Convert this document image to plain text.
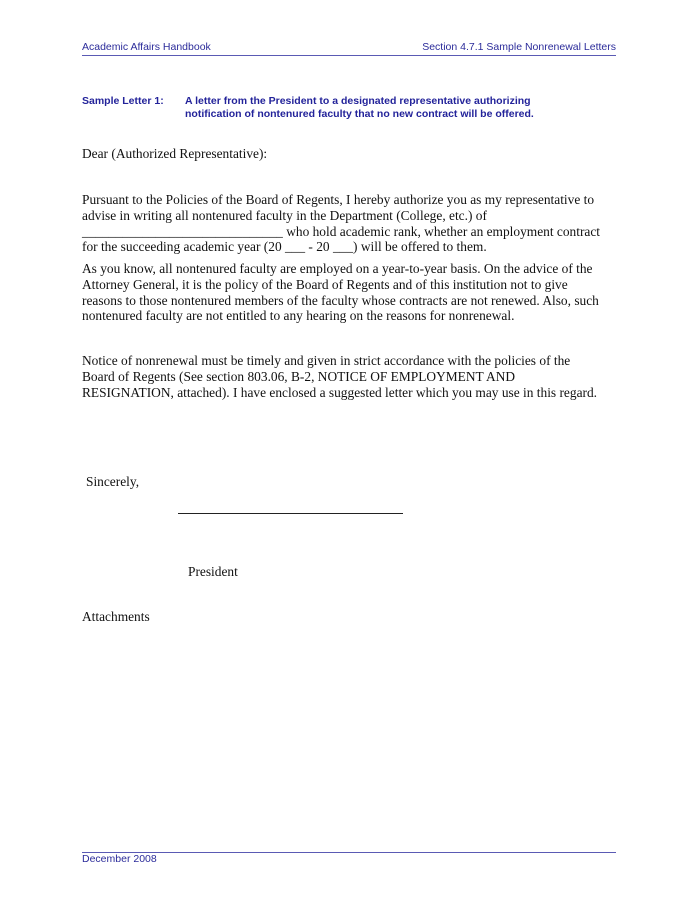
Academic Affairs Handbook	Section 4.7.1 Sample Nonrenewal Letters
Sample Letter 1: A letter from the President to a designated representative authorizing
notification of nontenured faculty that no new contract will be offered.
Dear (Authorized Representative):
Pursuant to the Policies of the Board of Regents, I hereby authorize you as my representative to
advise in writing all nontenured faculty in the Department (College, etc.) of
______________________________ who hold academic rank, whether an employment contract
for the succeeding academic year (20 ___ - 20 ___) will be offered to them.
As you know, all nontenured faculty are employed on a year-to-year basis. On the advice of the
Attorney General, it is the policy of the Board of Regents and of this institution not to give
reasons to those nontenured members of the faculty whose contracts are not renewed. Also, such
nontenured faculty are not entitled to any hearing on the reasons for nonrenewal.
Notice of nonrenewal must be timely and given in strict accordance with the policies of the
Board of Regents (See section 803.06, B-2, NOTICE OF EMPLOYMENT AND
RESIGNATION, attached). I have enclosed a suggested letter which you may use in this regard.
Sincerely,
President
Attachments
December 2008
